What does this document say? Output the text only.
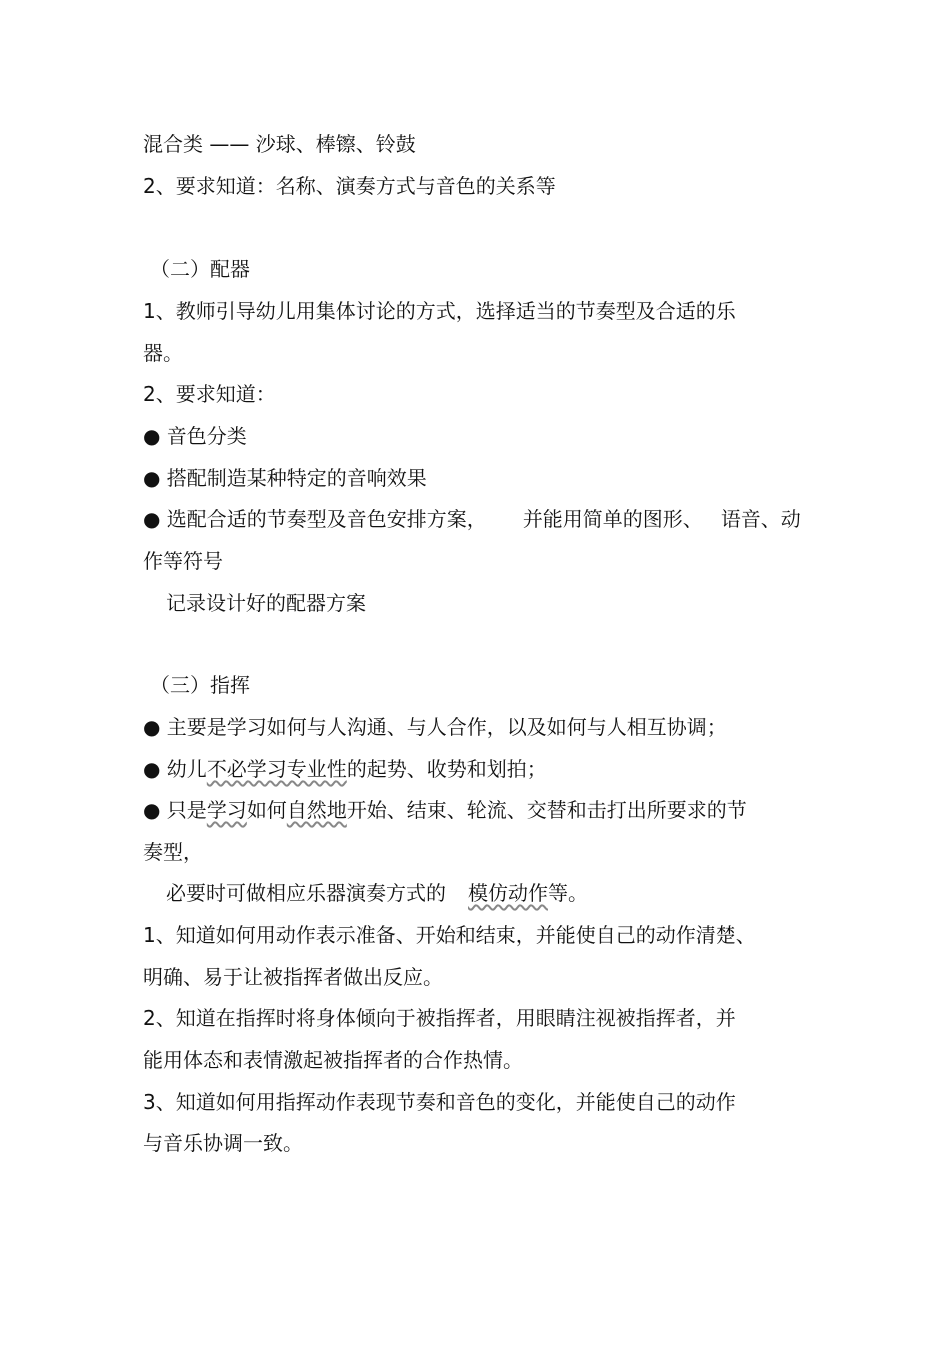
混合类 —— 沙球、棒镲、铃鼓
2、要求知道：名称、演奏方式与音色的关系等
（二）配器
1、教师引导幼儿用集体讨论的方式，选择适当的节奏型及合适的乐
器。
2、要求知道：
● 音色分类
● 搭配制造某种特定的音响效果
● 选配合适的节奏型及音色安排方案， 并能用简单的图形、 语音、动
作等符号
记录设计好的配器方案
（三）指挥
● 主要是学习如何与人沟通、与人合作，以及如何与人相互协调；
● 幼儿不必学习专业性的起势、收势和划拍；
● 只是学习如何自然地开始、结束、轮流、交替和击打出所要求的节
奏型，
必要时可做相应乐器演奏方式的 模仿动作等。
1、知道如何用动作表示准备、开始和结束，并能使自己的动作清楚、
明确、易于让被指挥者做出反应。
2、知道在指挥时将身体倾向于被指挥者，用眼睛注视被指挥者，并
能用体态和表情激起被指挥者的合作热情。
3、知道如何用指挥动作表现节奏和音色的变化，并能使自己的动作
与音乐协调一致。
